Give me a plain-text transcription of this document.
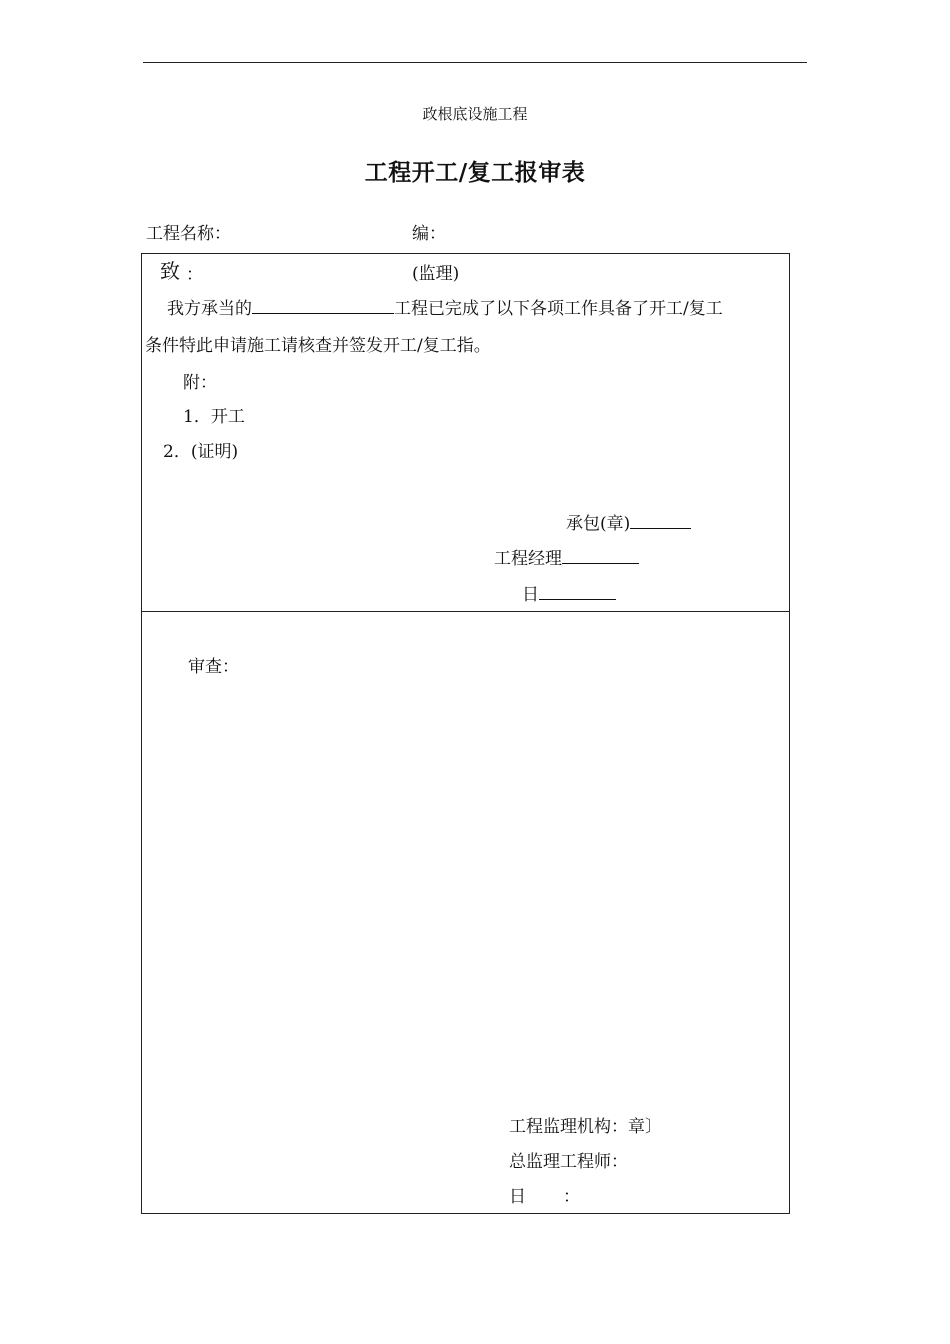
政根底设施工程
工程开工/复工报审表
工程名称：	编：
致 ：	(监理)
我方承当的	工程已完成了以下各项工作具备了开工/复工
条件特此申请施工请核查并签发开工/复工指。
附：
1．开工
2．(证明)
承包(章)
工程经理
日
审查：
工程监理机构：章〕
总监理工程师：
日 ：
